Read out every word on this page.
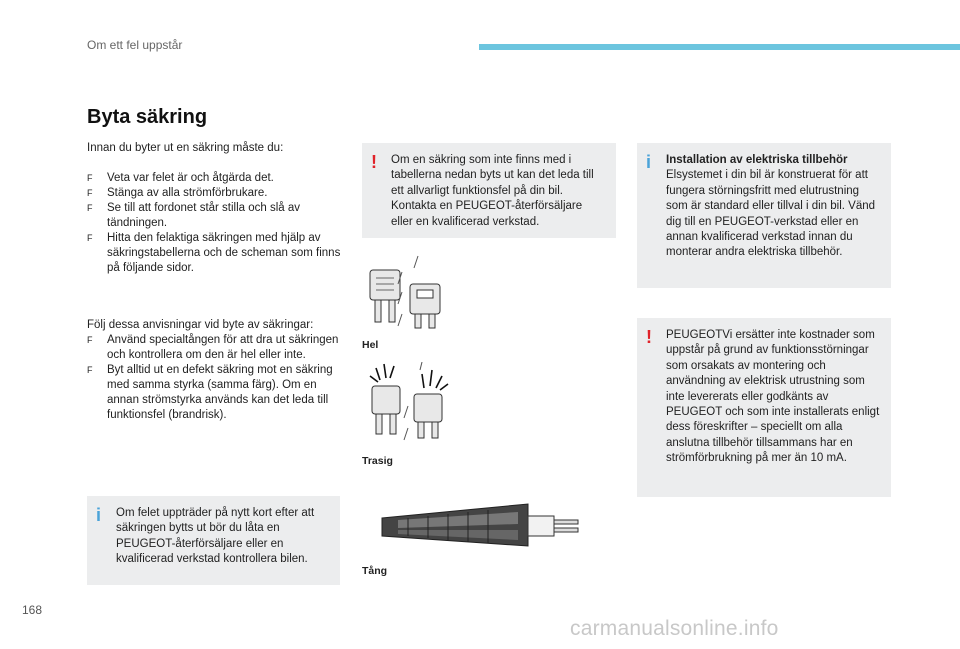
Om ett fel uppstår
Byta säkring

Innan du byter ut en säkring måste du:

F Veta var felet är och åtgärda det.
F Stänga av alla strömförbrukare.
F Se till att fordonet står stilla och slå av tändningen.
F Hitta den felaktiga säkringen med hjälp av säkringstabellerna och de scheman som finns på följande sidor.

Följ dessa anvisningar vid byte av säkringar:

F Använd specialtången för att dra ut säkringen och kontrollera om den är hel eller inte.
F Byt alltid ut en defekt säkring mot en säkring med samma styrka (samma färg). Om en annan strömstyrka används kan det leda till funktionsfel (brandrisk).
i Om felet uppträder på nytt kort efter att säkringen bytts ut bör du låta en PEUGEOT-återförsäljare eller en kvalificerad verkstad kontrollera bilen.
! Om en säkring som inte finns med i tabellerna nedan byts ut kan det leda till ett allvarligt funktionsfel på din bil. Kontakta en PEUGEOT-återförsäljare eller en kvalificerad verkstad.
Hel
Trasig
Tång
i Installation av elektriska tillbehör
Elsystemet i din bil är konstruerat för att fungera störningsfritt med elutrustning som är standard eller tillval i din bil. Vänd dig till en PEUGEOT-verkstad eller en annan kvalificerad verkstad innan du monterar andra elektriska tillbehör.
! PEUGEOTVi ersätter inte kostnader som uppstår på grund av funktionsstörningar som orsakats av montering och användning av elektrisk utrustning som inte levererats eller godkänts av PEUGEOT och som inte installerats enligt dess föreskrifter – speciellt om alla anslutna tillbehör tillsammans har en strömförbrukning på mer än 10 mA.
168
carmanualsonline.info
